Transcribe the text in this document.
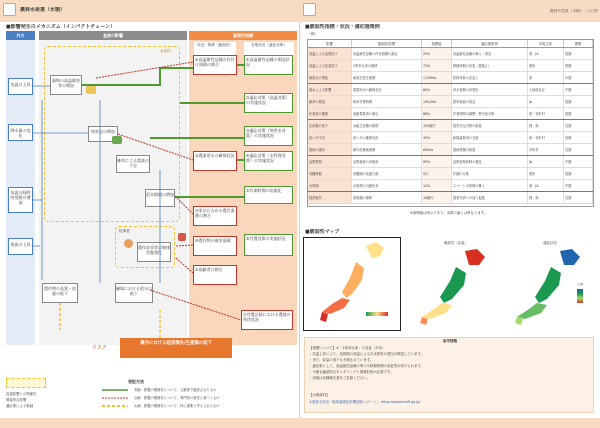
農林水産業（水稲）	農林水産業（水稲）｜○○県
■影響発生のメカニズム（インパクトチェーン）
外力	直接の影響	脆弱性指標
状況・推移（脆弱性）	対策状況（適応対策）
水田内
気温の上昇
降水量の変化
気温の経時的変動の増加
海面の上昇
穀物の高温障害等の増加
病害虫の増加
雑草による農業の不足
渇水期間の増加
農作物の品質・収量の低下
圃場における渇水の低下
従事者
農作従事者の健康状態悪化
①高温耐性品種の作付け面積の割合
②農業用水の確保状況
③家計に占める農作業費の割合
④農作物の被害面積
⑤高齢者の割合
①高温耐性品種の開発状況
②適応対策（高温対策）の実施状況
③適応対策（病害虫対策）の実施状況
④適応対策（水管理対策）の実施状況
⑤作業時間の短縮化
⑥営農対策の実施状況
⑦営農計画における農地の利用状況
リスク
農作における経済損失/生産額の低下
直接影響との関係性
間接的な影響
適応策による軽減
表記方法
実線：影響の関係性について、文献等で確認されたもの
点線：影響の関係性について、専門家の意見に基づくもの
太線：影響の関係性について、特に重要と考えられるもの
■脆弱性指標・状況・適応施策例
（例）
影響	脆弱性指標	指標値	適応施策例	実施主体	期間
高温による品質低下	高温耐性品種の作付面積の割合	25%	高温耐性品種の導入・普及	県・JA	短期
高温による収量低下	1等米比率の推移	72%	移植時期の変更（遅植え）	農家	短期
病害虫の増加	病害虫発生面積	1,200ha	防除体系の見直し	県	中期
渇水による影響	農業用水の確保状況	80%	用水管理の高度化	土地改良区	中期
雑草の増加	除草作業時間	15h/10a	除草技術の普及	JA	短期
作業者の健康	高齢農業者の割合	68%	作業時間の調整・熱中症対策	県・市町村	短期
生産額の低下	水稲生産額の推移	320億円	経営安定対策の推進	国・県	長期
担い手不足	担い手の確保状況	45%	新規就農者の支援	県・市町村	長期
農地の維持	耕作放棄地面積	850ha	農地集積の推進	市町村	長期
品質管理	品質検査の実施率	95%	品質管理体制の強化	JA	中期
収穫時期	収穫期の前進日数	5日	作期の分散	農家	短期
水管理	水管理の自動化率	12%	スマート水管理の導入	県・JA	中期
経済損失	被害額の推移	18億円	農業共済への加入促進	国・県	長期
※指標値は例示であり、実際の値とは異なります。
■脆弱性マップ
脆弱性（高温）	適応状況
凡例
参考情報
【指標について】①「1等米比率」の変化（平均）
・気温上昇により、登熟期の高温による白未熟粒の発生が増加しています。
・また、収量の低下も予測されています。
・適応策として、高温耐性品種の導入や移植時期の変更等が挙げられます。
・今後も継続的なモニタリングと情報収集が必要です。
・詳細は各種報告書をご参照ください。
【出典資料】
①農林水産省「地球温暖化影響調査レポート」 https://www.maff.go.jp/
